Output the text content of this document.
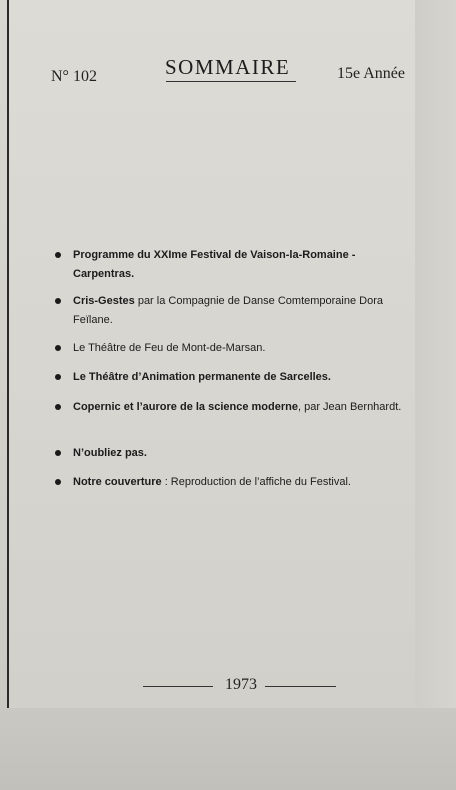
N° 102	SOMMAIRE	15e Année
Programme du XXIme Festival de Vaison-la-Romaine - Carpentras.
Cris-Gestes par la Compagnie de Danse Comtemporaine Dora Feïlane.
Le Théâtre de Feu de Mont-de-Marsan.
Le Théâtre d’Animation permanente de Sarcelles.
Copernic et l’aurore de la science moderne, par Jean Bernhardt.
N’oubliez pas.
Notre couverture : Reproduction de l’affiche du Festival.
1973
